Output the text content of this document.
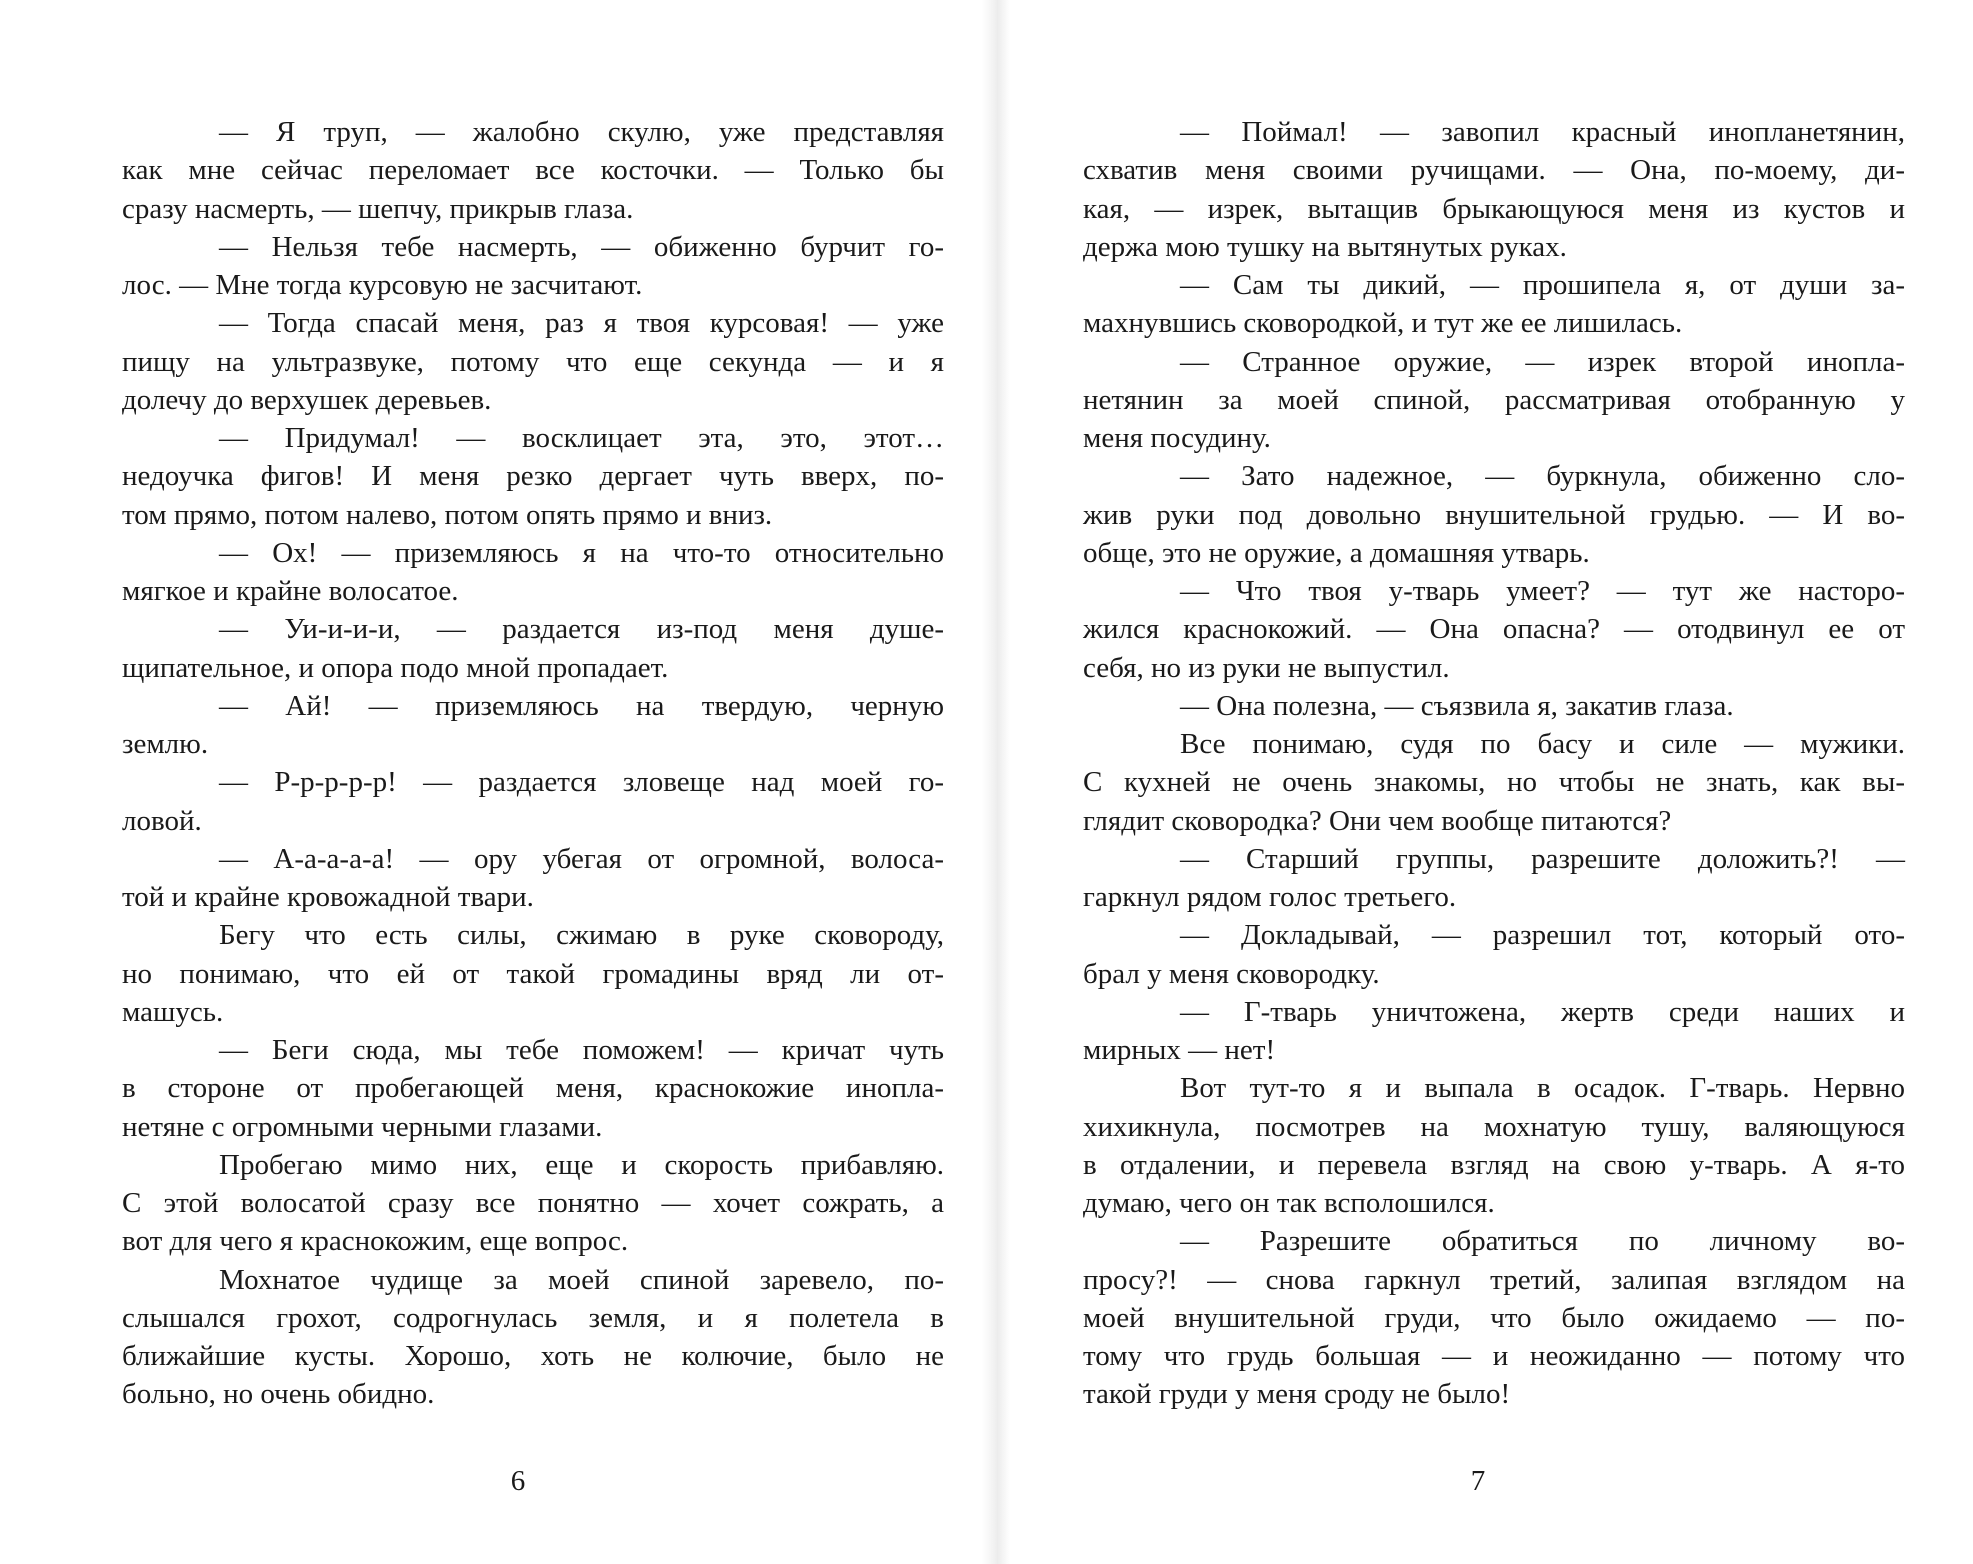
— Я труп, — жалобно скулю, уже представляя
как мне сейчас переломает все косточки. — Только бы
сразу насмерть, — шепчу, прикрыв глаза.
— Нельзя тебе насмерть, — обиженно бурчит го-
лос. — Мне тогда курсовую не засчитают.
— Тогда спасай меня, раз я твоя курсовая! — уже
пищу на ультразвуке, потому что еще секунда — и я
долечу до верхушек деревьев.
— Придумал! — восклицает эта, это, этот…
недоучка фигов! И меня резко дергает чуть вверх, по-
том прямо, потом налево, потом опять прямо и вниз.
— Ох! — приземляюсь я на что-то относительно
мягкое и крайне волосатое.
— Уи-и-и-и, — раздается из-под меня душе-
щипательное, и опора подо мной пропадает.
— Ай! — приземляюсь на твердую, черную
землю.
— Р-р-р-р-р! — раздается зловеще над моей го-
ловой.
— А-а-а-а-а! — ору убегая от огромной, волоса-
той и крайне кровожадной твари.
Бегу что есть силы, сжимаю в руке сковороду,
но понимаю, что ей от такой громадины вряд ли от-
машусь.
— Беги сюда, мы тебе поможем! — кричат чуть
в стороне от пробегающей меня, краснокожие инопла-
нетяне с огромными черными глазами.
Пробегаю мимо них, еще и скорость прибавляю.
С этой волосатой сразу все понятно — хочет сожрать, а
вот для чего я краснокожим, еще вопрос.
Мохнатое чудище за моей спиной заревело, по-
слышался грохот, содрогнулась земля, и я полетела в
ближайшие кусты. Хорошо, хоть не колючие, было не
больно, но очень обидно.
— Поймал! — завопил красный инопланетянин,
схватив меня своими ручищами. — Она, по-моему, ди-
кая, — изрек, вытащив брыкающуюся меня из кустов и
держа мою тушку на вытянутых руках.
— Сам ты дикий, — прошипела я, от души за-
махнувшись сковородкой, и тут же ее лишилась.
— Странное оружие, — изрек второй инопла-
нетянин за моей спиной, рассматривая отобранную у
меня посудину.
— Зато надежное, — буркнула, обиженно сло-
жив руки под довольно внушительной грудью. — И во-
обще, это не оружие, а домашняя утварь.
— Что твоя у-тварь умеет? — тут же насторо-
жился краснокожий. — Она опасна? — отодвинул ее от
себя, но из руки не выпустил.
— Она полезна, — съязвила я, закатив глаза.
Все понимаю, судя по басу и силе — мужики.
С кухней не очень знакомы, но чтобы не знать, как вы-
глядит сковородка? Они чем вообще питаются?
— Старший группы, разрешите доложить?! —
гаркнул рядом голос третьего.
— Докладывай, — разрешил тот, который ото-
брал у меня сковородку.
— Г-тварь уничтожена, жертв среди наших и
мирных — нет!
Вот тут-то я и выпала в осадок. Г-тварь. Нервно
хихикнула, посмотрев на мохнатую тушу, валяющуюся
в отдалении, и перевела взгляд на свою у-тварь. А я-то
думаю, чего он так всполошился.
— Разрешите обратиться по личному во-
просу?! — снова гаркнул третий, залипая взглядом на
моей внушительной груди, что было ожидаемо — по-
тому что грудь большая — и неожиданно — потому что
такой груди у меня сроду не было!
6	7
